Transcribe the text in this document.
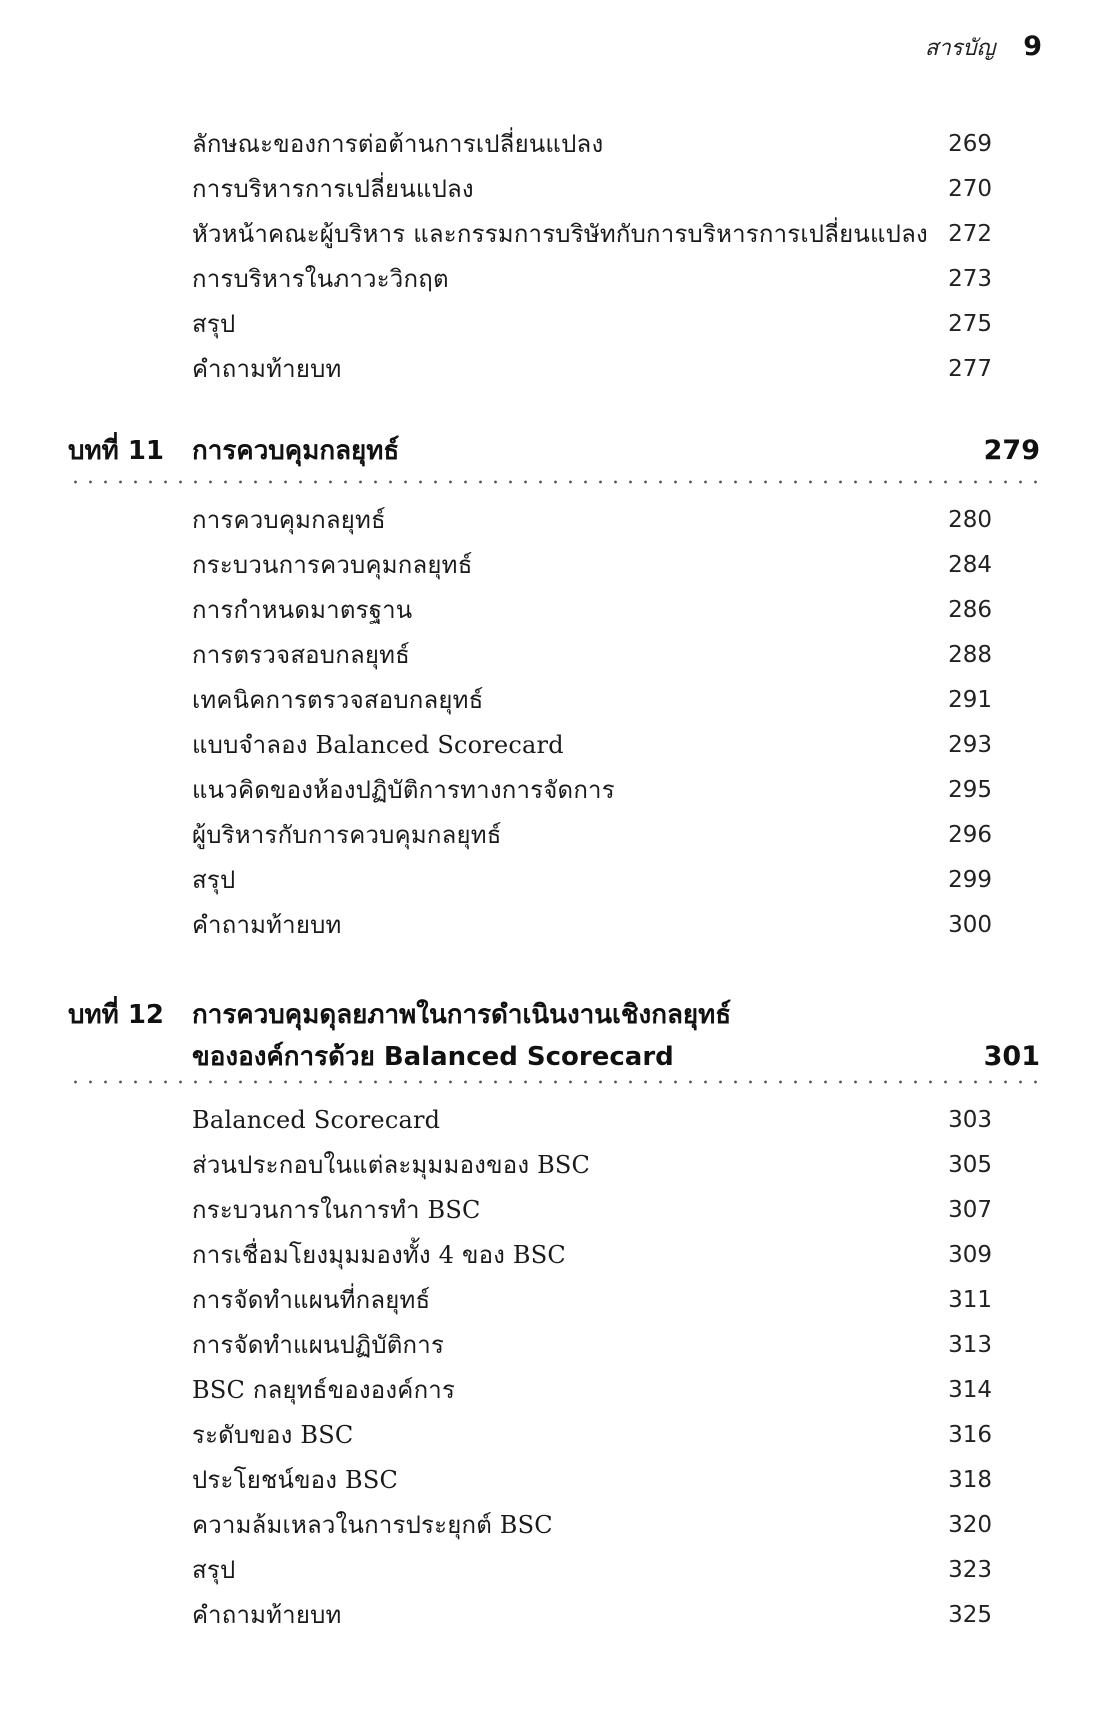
สารบัญ 9
ลักษณะของการต่อต้านการเปลี่ยนแปลง	269
การบริหารการเปลี่ยนแปลง	270
หัวหน้าคณะผู้บริหาร และกรรมการบริษัทกับการบริหารการเปลี่ยนแปลง 272
การบริหารในภาวะวิกฤต	273
สรุป	275
คำถามท้ายบท	277
บทที่ 11	การควบคุมกลยุทธ์	279
การควบคุมกลยุทธ์	280
กระบวนการควบคุมกลยุทธ์	284
การกำหนดมาตรฐาน	286
การตรวจสอบกลยุทธ์	288
เทคนิคการตรวจสอบกลยุทธ์	291
แบบจำลอง Balanced Scorecard	293
แนวคิดของห้องปฏิบัติการทางการจัดการ	295
ผู้บริหารกับการควบคุมกลยุทธ์	296
สรุป	299
คำถามท้ายบท	300
บทที่ 12	การควบคุมดุลยภาพในการดำเนินงานเชิงกลยุทธ์
ขององค์การด้วย Balanced Scorecard	301
Balanced Scorecard	303
ส่วนประกอบในแต่ละมุมมองของ BSC	305
กระบวนการในการทำ BSC	307
การเชื่อมโยงมุมมองทั้ง 4 ของ BSC	309
การจัดทำแผนที่กลยุทธ์	311
การจัดทำแผนปฏิบัติการ	313
BSC กลยุทธ์ขององค์การ	314
ระดับของ BSC	316
ประโยชน์ของ BSC	318
ความล้มเหลวในการประยุกต์ BSC	320
สรุป	323
คำถามท้ายบท	325
